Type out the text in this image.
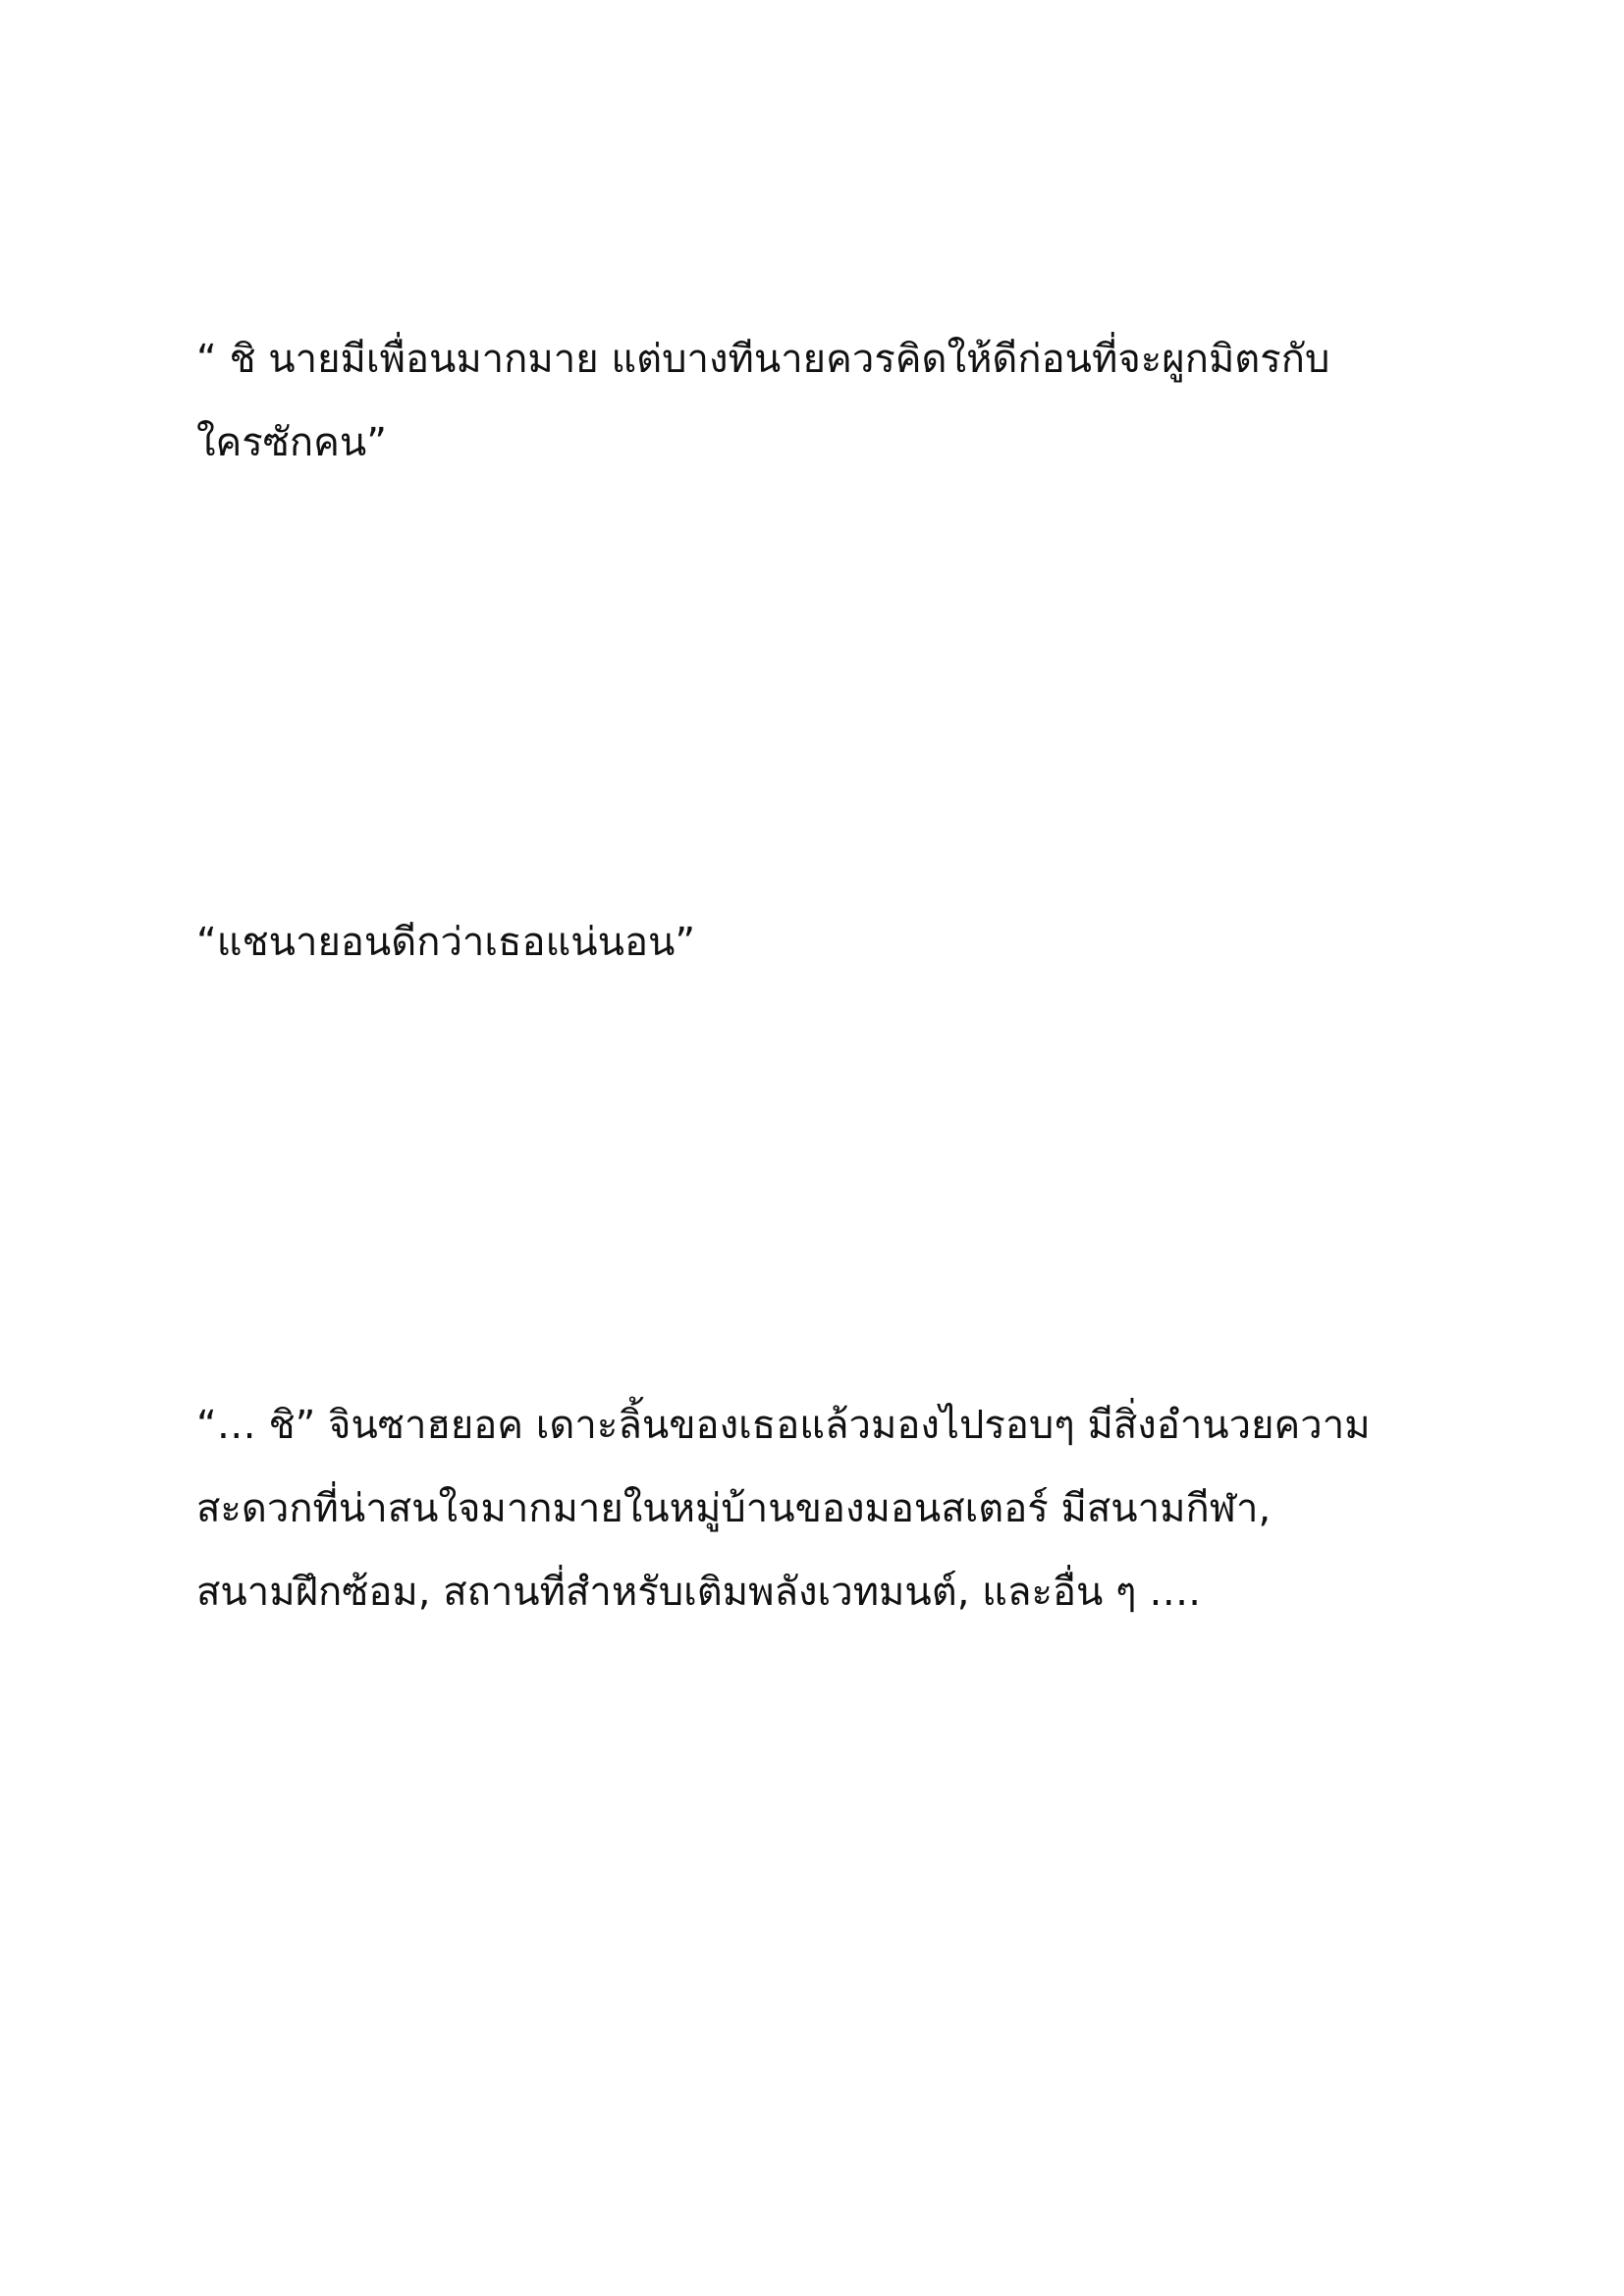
“ ชิ นายมีเพื่อนมากมาย แต่บางทีนายควรคิดให้ดีก่อนที่จะผูกมิตรกับ
ใครซักคน”

“แชนายอนดีกว่าเธอแน่นอน”

“… ชิ” จินซาฮยอค เดาะลิ้นของเธอแล้วมองไปรอบๆ มีสิ่งอำนวยความ
สะดวกที่น่าสนใจมากมายในหมู่บ้านของมอนสเตอร์ มีสนามกีฬา,
สนามฝึกซ้อม, สถานที่สำหรับเติมพลังเวทมนต์, และอื่น ๆ ….
